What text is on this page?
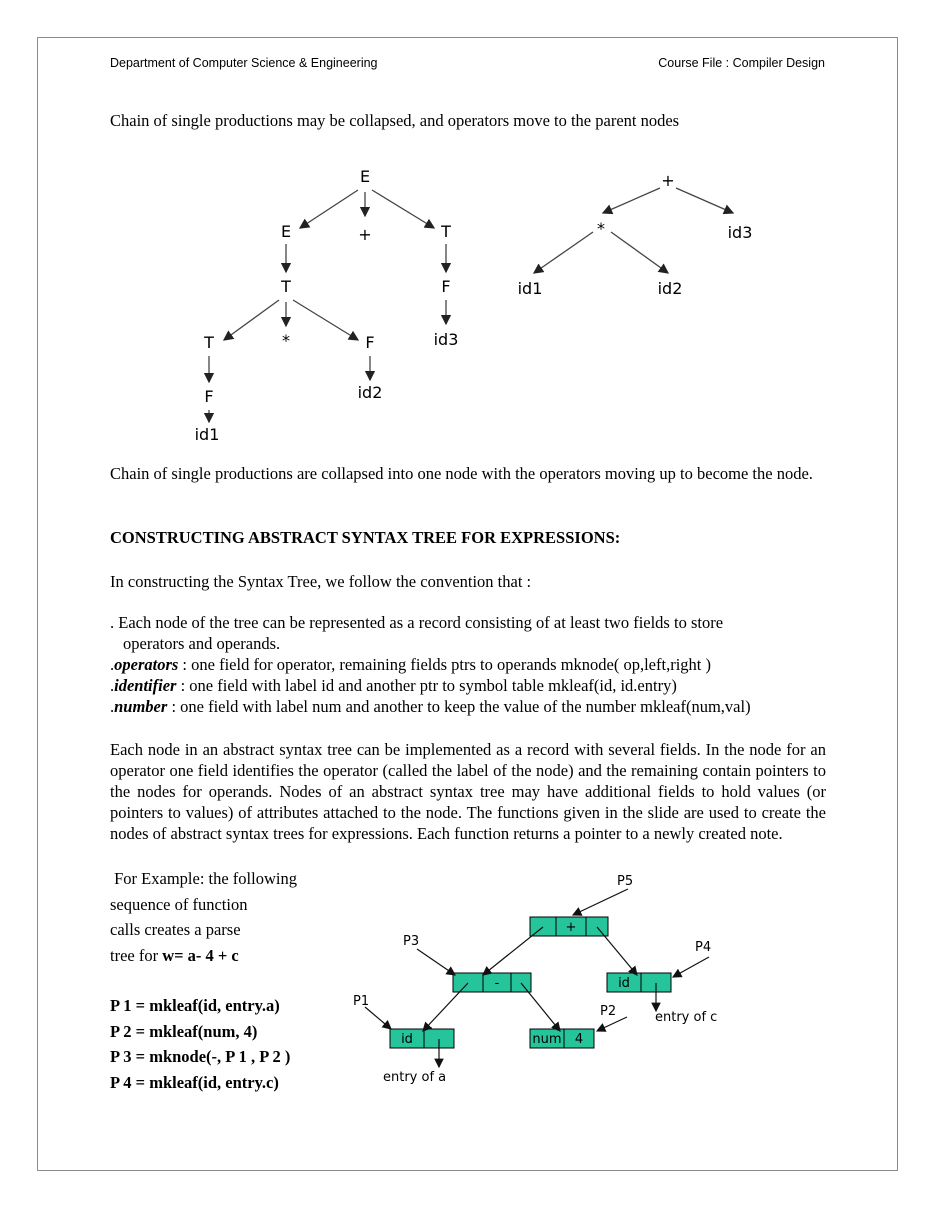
Department of Computer Science & Engineering	Course File : Compiler Design
Chain of single productions may be collapsed, and operators move to the parent nodes
E
E	+	T
T	F
id3
T	*	F
F	id2
id1
+
*	id3
id1	id2
Chain of single productions are collapsed into one node with the operators moving up to become the node.
CONSTRUCTING ABSTRACT SYNTAX TREE FOR EXPRESSIONS:
In constructing the Syntax Tree, we follow the convention that :
. Each node of the tree can be represented as a record consisting of at least two fields to store
operators and operands.
.operators : one field for operator, remaining fields ptrs to operands mknode( op,left,right )
.identifier : one field with label id and another ptr to symbol table mkleaf(id, id.entry)
.number : one field with label num and another to keep the value of the number mkleaf(num,val)
Each node in an abstract syntax tree can be implemented as a record with several fields. In the node for an operator one field identifies the operator (called the label of the node) and the remaining contain pointers to the nodes for operands. Nodes of an abstract syntax tree may have additional fields to hold values (or pointers to values) of attributes attached to the node. The functions given in the slide are used to create the nodes of abstract syntax trees for expressions. Each function returns a pointer to a newly created note.
For Example: the following
sequence of function
calls creates a parse
tree for w= a- 4 + c
P 1 = mkleaf(id, entry.a)
P 2 = mkleaf(num, 4)
P 3 = mknode(-, P 1 , P 2 )
P 4 = mkleaf(id, entry.c)
+
-	id
id	num 4
P5
P3	P4
P1
P2	entry of c
entry of a
